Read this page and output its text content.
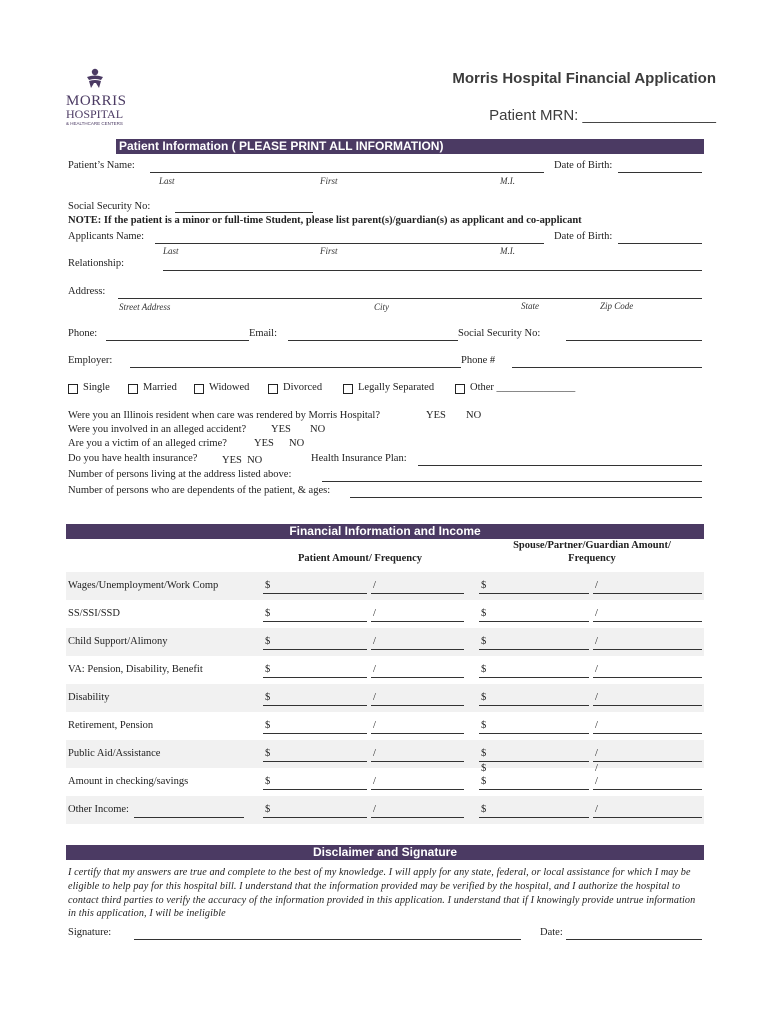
MORRIS
HOSPITAL
& HEALTHCARE CENTERS
Morris Hospital Financial Application
Patient MRN: ________________
Patient Information ( PLEASE PRINT ALL INFORMATION)
Patient’s Name:	Date of Birth:
Last	First	M.I.
Social Security No:
NOTE: If the patient is a minor or full-time Student, please list parent(s)/guardian(s) as applicant and co-applicant
Applicants Name:	Date of Birth:
Last	First	M.I.
Relationship:
Address:
Street Address	City	State	Zip Code
Phone:	Email:	Social Security No:
Employer:	Phone #
Single	Married	Widowed	Divorced	Legally Separated	Other _______________
Were you an Illinois resident when care was rendered by Morris Hospital?	YES NO
Were you involved in an alleged accident? YES NO
Are you a victim of an alleged crime?	YES NO
Do you have health insurance? YES  NO	Health Insurance Plan:
Number of persons living at the address listed above:
Number of persons who are dependents of the patient, & ages:
Financial Information and Income
Patient Amount/ Frequency
Spouse/Partner/Guardian Amount/
Frequency
Wages/Unemployment/Work Comp	$	/	$	/
SS/SSI/SSD	$	/	$	/
Child Support/Alimony	$	/	$	/
VA: Pension, Disability, Benefit	$	/	$	/
Disability	$	/	$	/
Retirement, Pension	$	/	$	/
Public Aid/Assistance	$	/	$	/
Amount in checking/savings	$	/	$	/
Other Income:	$	/	$	/
$	/
Disclaimer and Signature
I certify that my answers are true and complete to the best of my knowledge. I will apply for any state, federal, or local assistance for which I may be eligible to help pay for this hospital bill. I understand that the information provided may be verified by the hospital, and I authorize the hospital to contact third parties to verify the accuracy of the information provided in this application. I understand that if I knowingly provide untrue information in this application, I will be ineligible
Signature:	Date:
